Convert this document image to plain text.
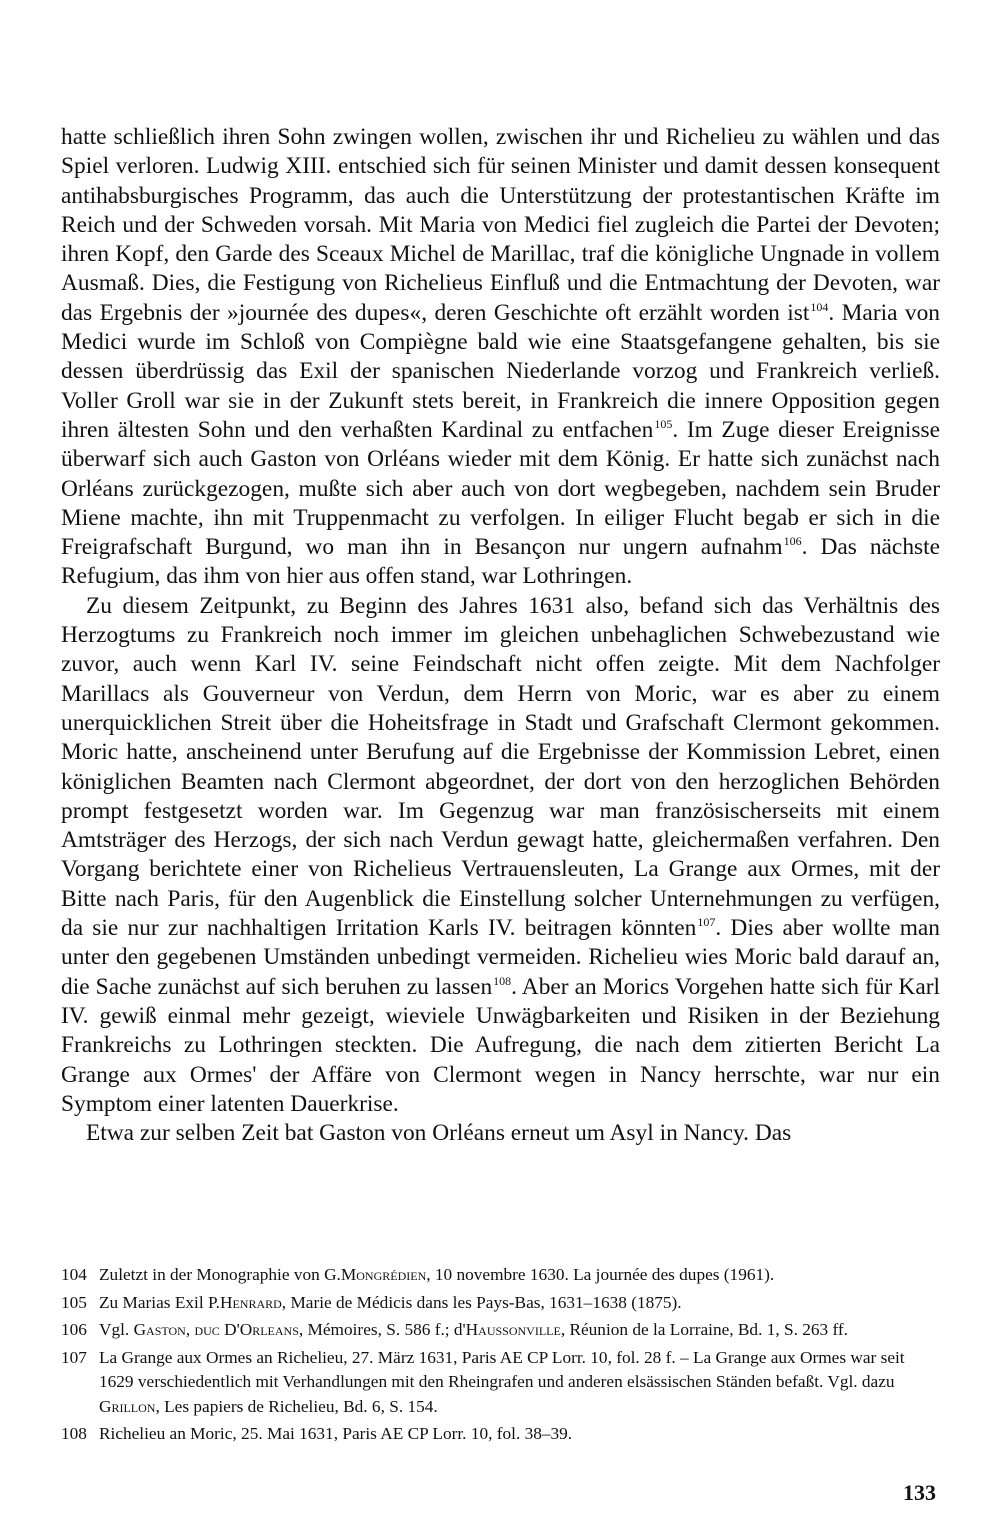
hatte schließlich ihren Sohn zwingen wollen, zwischen ihr und Richelieu zu wählen und das Spiel verloren. Ludwig XIII. entschied sich für seinen Minister und damit dessen konsequent antihabsburgisches Programm, das auch die Unterstützung der protestantischen Kräfte im Reich und der Schweden vorsah. Mit Maria von Medici fiel zugleich die Partei der Devoten; ihren Kopf, den Garde des Sceaux Michel de Marillac, traf die königliche Ungnade in vollem Ausmaß. Dies, die Festigung von Richelieus Einfluß und die Entmachtung der Devoten, war das Ergebnis der »journée des dupes«, deren Geschichte oft erzählt worden ist$^{104}$. Maria von Medici wurde im Schloß von Compiègne bald wie eine Staatsgefangene gehalten, bis sie dessen überdrüssig das Exil der spanischen Niederlande vorzog und Frankreich verließ. Voller Groll war sie in der Zukunft stets bereit, in Frankreich die innere Opposition gegen ihren ältesten Sohn und den verhaßten Kardinal zu entfachen$^{105}$. Im Zuge dieser Ereignisse überwarf sich auch Gaston von Orléans wieder mit dem König. Er hatte sich zunächst nach Orléans zurückgezogen, mußte sich aber auch von dort wegbegeben, nachdem sein Bruder Miene machte, ihn mit Truppenmacht zu verfolgen. In eiliger Flucht begab er sich in die Freigrafschaft Burgund, wo man ihn in Besançon nur ungern aufnahm$^{106}$. Das nächste Refugium, das ihm von hier aus offen stand, war Lothringen.

Zu diesem Zeitpunkt, zu Beginn des Jahres 1631 also, befand sich das Verhältnis des Herzogtums zu Frankreich noch immer im gleichen unbehaglichen Schwebezustand wie zuvor, auch wenn Karl IV. seine Feindschaft nicht offen zeigte. Mit dem Nachfolger Marillacs als Gouverneur von Verdun, dem Herrn von Moric, war es aber zu einem unerquicklichen Streit über die Hoheitsfrage in Stadt und Grafschaft Clermont gekommen. Moric hatte, anscheinend unter Berufung auf die Ergebnisse der Kommission Lebret, einen königlichen Beamten nach Clermont abgeordnet, der dort von den herzoglichen Behörden prompt festgesetzt worden war. Im Gegenzug war man französischerseits mit einem Amtsträger des Herzogs, der sich nach Verdun gewagt hatte, gleichermaßen verfahren. Den Vorgang berichtete einer von Richelieus Vertrauensleuten, La Grange aux Ormes, mit der Bitte nach Paris, für den Augenblick die Einstellung solcher Unternehmungen zu verfügen, da sie nur zur nachhaltigen Irritation Karls IV. beitragen könnten$^{107}$. Dies aber wollte man unter den gegebenen Umständen unbedingt vermeiden. Richelieu wies Moric bald darauf an, die Sache zunächst auf sich beruhen zu lassen$^{108}$. Aber an Morics Vorgehen hatte sich für Karl IV. gewiß einmal mehr gezeigt, wieviele Unwägbarkeiten und Risiken in der Beziehung Frankreichs zu Lothringen steckten. Die Aufregung, die nach dem zitierten Bericht La Grange aux Ormes' der Affäre von Clermont wegen in Nancy herrschte, war nur ein Symptom einer latenten Dauerkrise.

Etwa zur selben Zeit bat Gaston von Orléans erneut um Asyl in Nancy. Das

104 Zuletzt in der Monographie von G.Mongrédien, 10 novembre 1630. La journée des dupes (1961).
105 Zu Marias Exil P.Henrard, Marie de Médicis dans les Pays-Bas, 1631–1638 (1875).
106 Vgl. Gaston, duc D'Orleans, Mémoires, S. 586 f.; d'Haussonville, Réunion de la Lorraine, Bd. 1, S. 263 ff.
107 La Grange aux Ormes an Richelieu, 27. März 1631, Paris AE CP Lorr. 10, fol. 28 f. – La Grange aux Ormes war seit 1629 verschiedentlich mit Verhandlungen mit den Rheingrafen und anderen elsässischen Ständen befaßt. Vgl. dazu Grillon, Les papiers de Richelieu, Bd. 6, S. 154.
108 Richelieu an Moric, 25. Mai 1631, Paris AE CP Lorr. 10, fol. 38–39.
133
